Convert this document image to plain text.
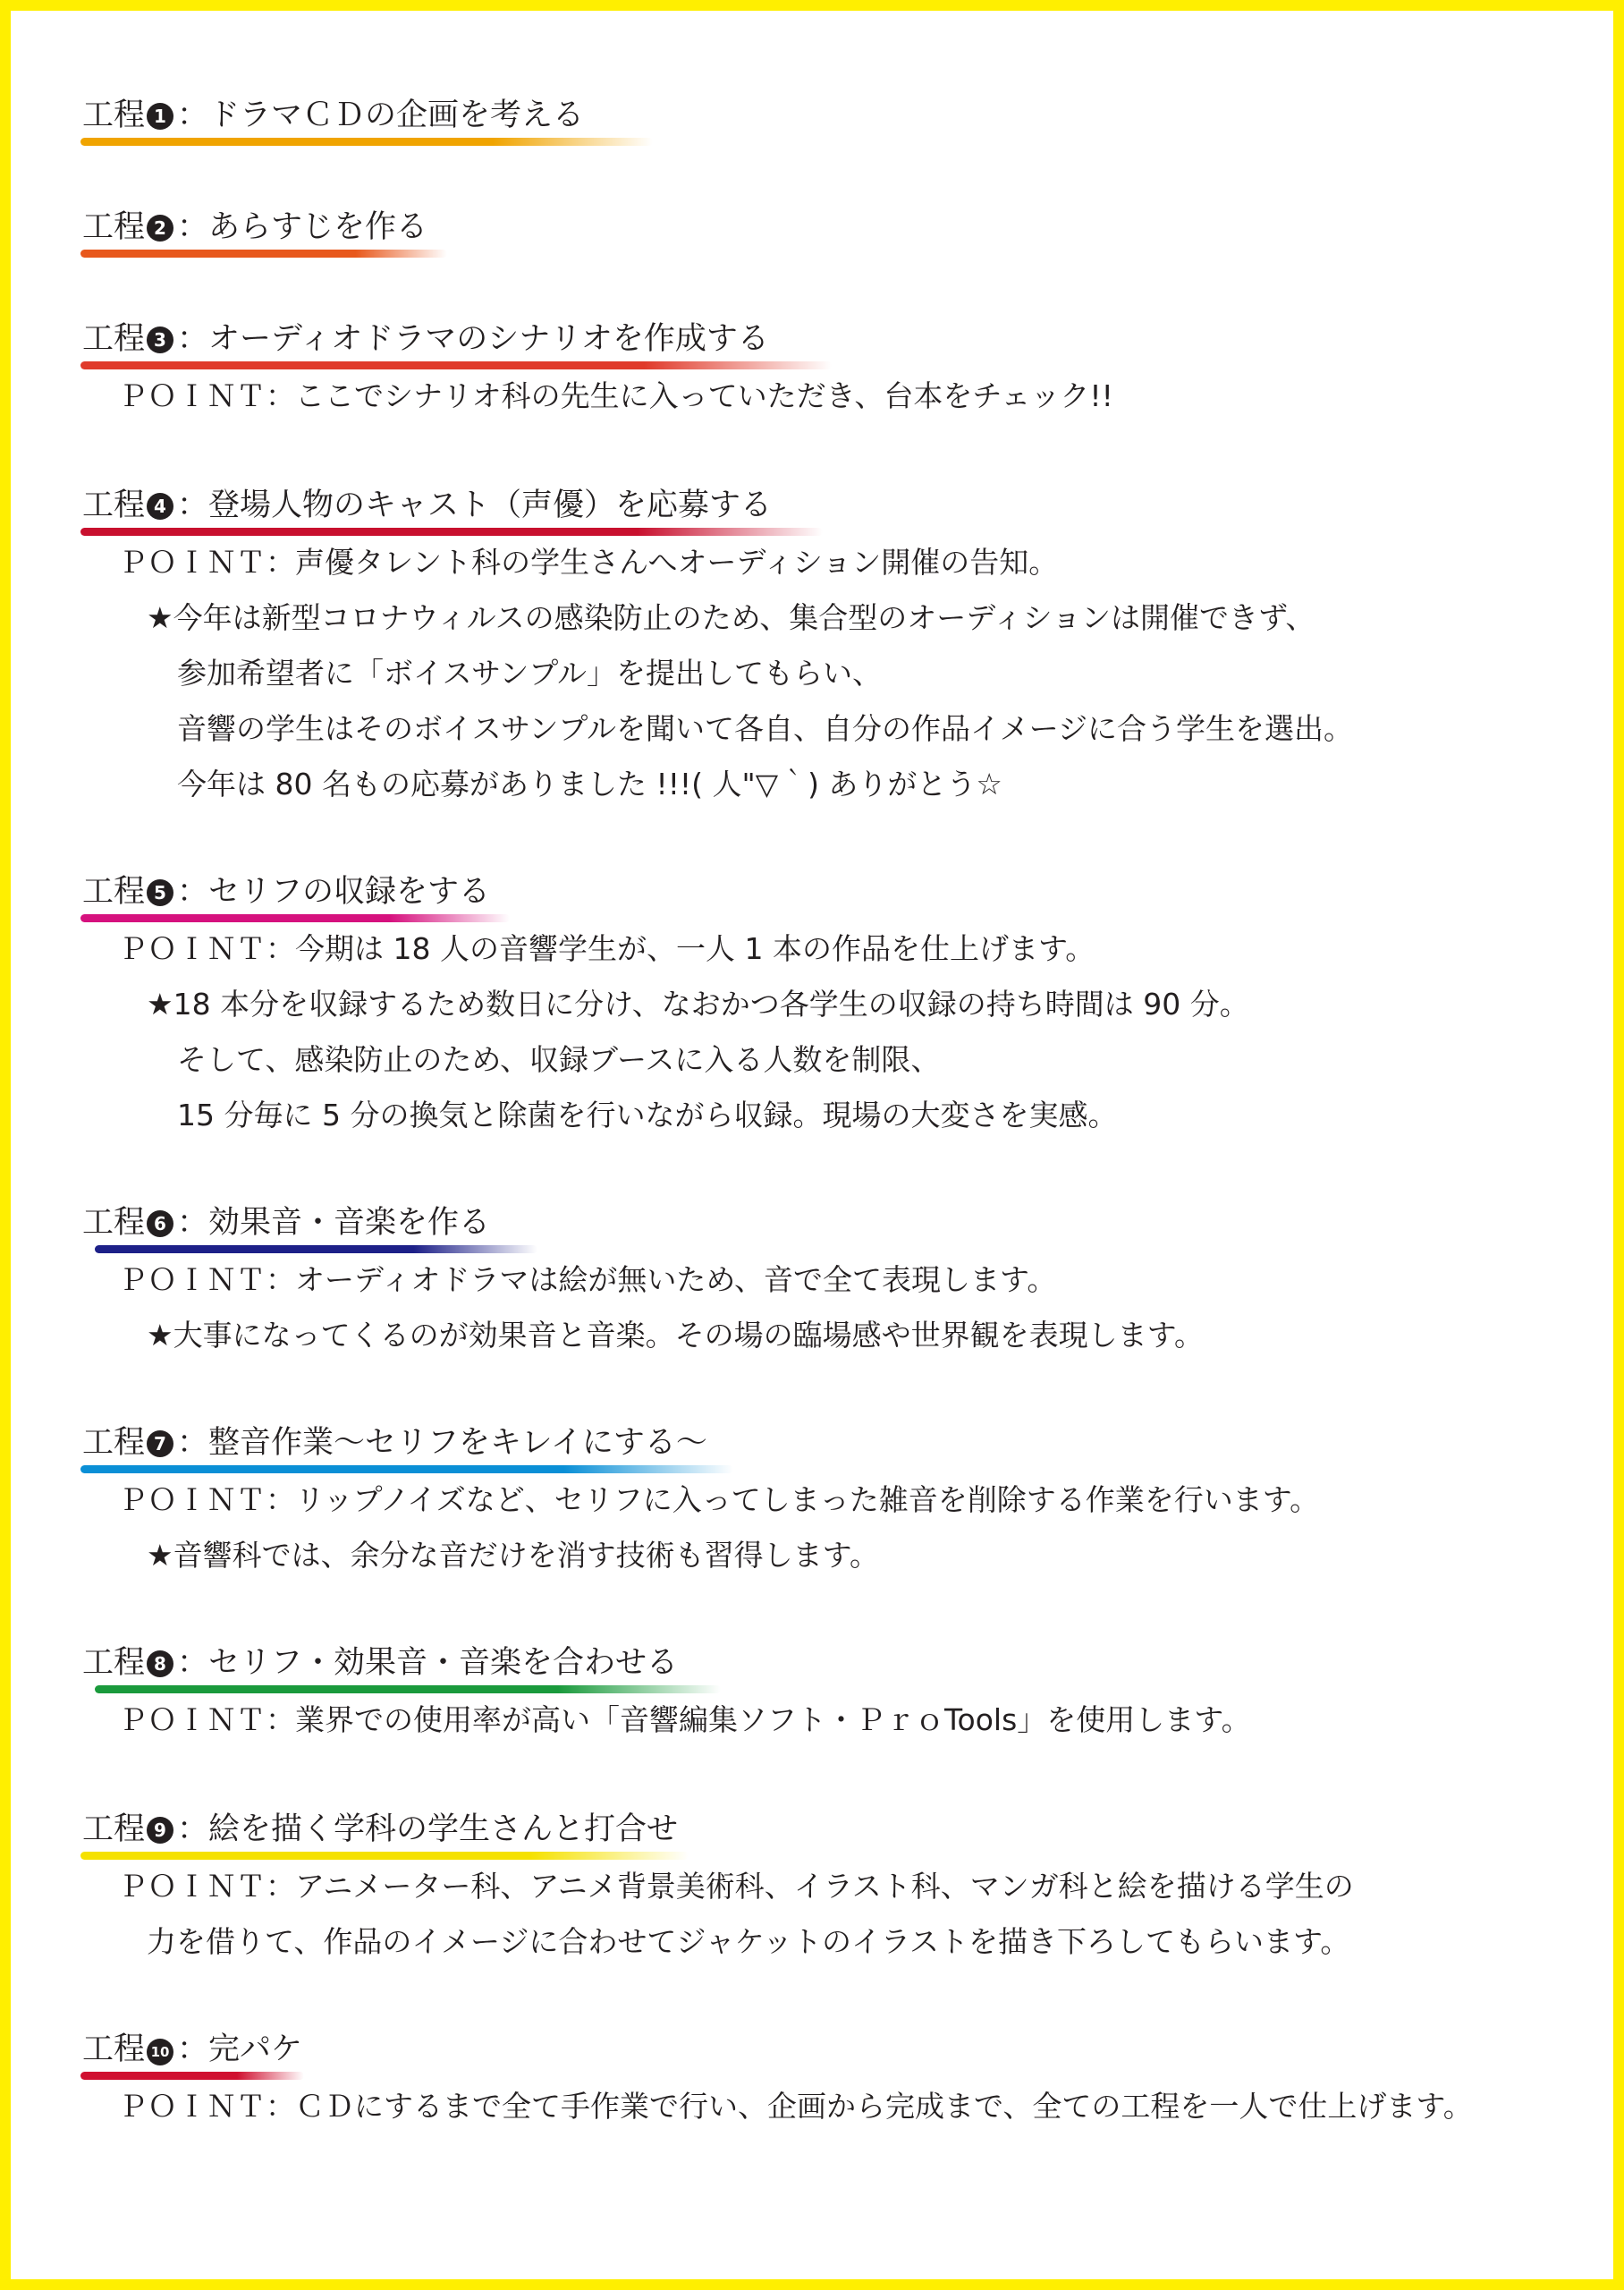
工程 1 ：ドラマＣＤの企画を考える
工程 2 ：あらすじを作る
工程 3 ：オーディオドラマのシナリオを作成する
ＰＯＩＮＴ：ここでシナリオ科の先生に入っていただき、台本をチェック!!
工程 4 ：登場人物のキャスト（声優）を応募する
ＰＯＩＮＴ：声優タレント科の学生さんへオーディション開催の告知。
★今年は新型コロナウィルスの感染防止のため、集合型のオーディションは開催できず、
参加希望者に「ボイスサンプル」を提出してもらい、
音響の学生はそのボイスサンプルを聞いて各自、自分の作品イメージに合う学生を選出。
今年は 80 名もの応募がありました !!!( 人"▽｀) ありがとう☆
工程 5 ：セリフの収録をする
ＰＯＩＮＴ：今期は 18 人の音響学生が、一人 1 本の作品を仕上げます。
★18 本分を収録するため数日に分け、なおかつ各学生の収録の持ち時間は 90 分。
そして、感染防止のため、収録ブースに入る人数を制限、
15 分毎に 5 分の換気と除菌を行いながら収録。現場の大変さを実感。
工程 6 ：効果音・音楽を作る
ＰＯＩＮＴ：オーディオドラマは絵が無いため、音で全て表現します。
★大事になってくるのが効果音と音楽。その場の臨場感や世界観を表現します。
工程 7 ：整音作業～セリフをキレイにする～
ＰＯＩＮＴ：リップノイズなど、セリフに入ってしまった雑音を削除する作業を行います。
★音響科では、余分な音だけを消す技術も習得します。
工程 8 ：セリフ・効果音・音楽を合わせる
ＰＯＩＮＴ：業界での使用率が高い「音響編集ソフト・ＰｒｏTools」を使用します。
工程 9 ：絵を描く学科の学生さんと打合せ
ＰＯＩＮＴ：アニメーター科、アニメ背景美術科、イラスト科、マンガ科と絵を描ける学生の
力を借りて、作品のイメージに合わせてジャケットのイラストを描き下ろしてもらいます。
工程 10 ：完パケ
ＰＯＩＮＴ：ＣＤにするまで全て手作業で行い、企画から完成まで、全ての工程を一人で仕上げます。
